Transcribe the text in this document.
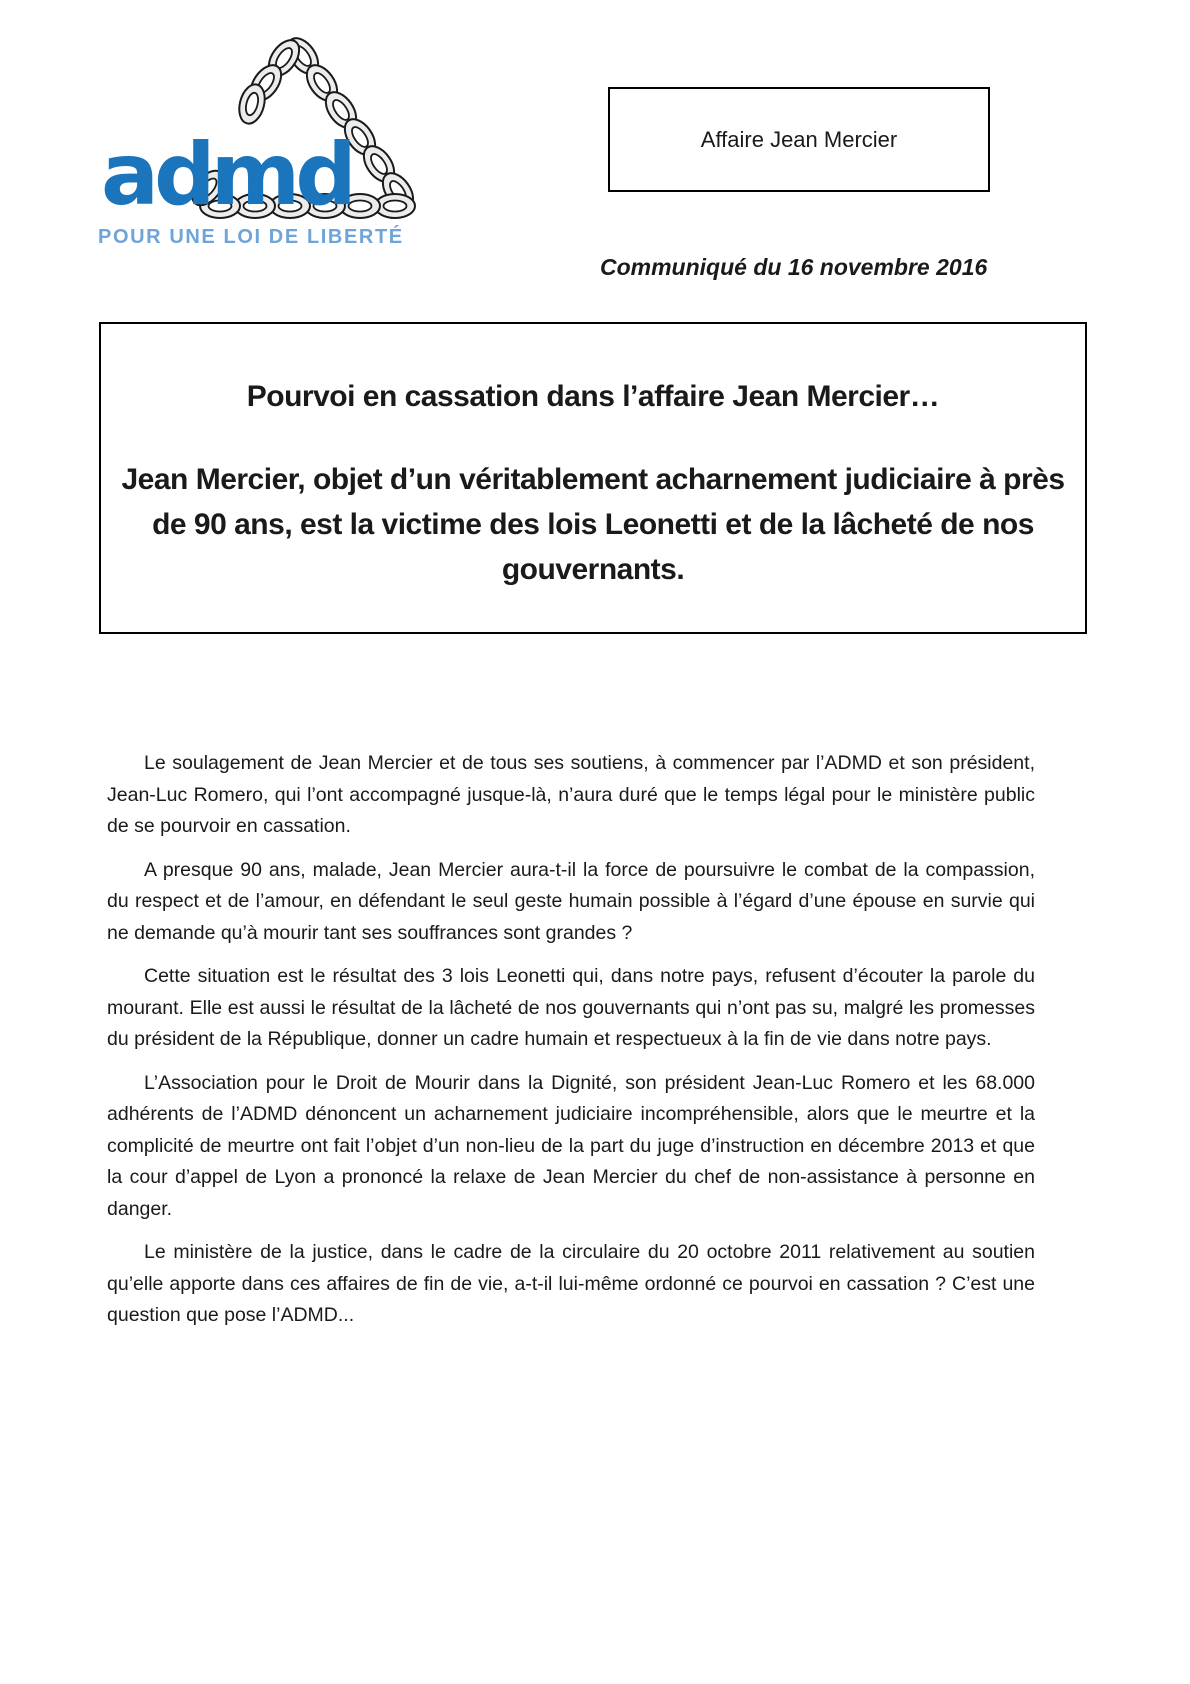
admd
POUR UNE LOI DE LIBERTÉ
Affaire Jean Mercier
Communiqué du 16 novembre 2016
Pourvoi en cassation dans l’affaire Jean Mercier…
Jean Mercier, objet d’un véritablement acharnement judiciaire à près de 90 ans, est la victime des lois Leonetti et de la lâcheté de nos gouvernants.

Le soulagement de Jean Mercier et de tous ses soutiens, à commencer par l’ADMD et son président, Jean-Luc Romero, qui l’ont accompagné jusque-là, n’aura duré que le temps légal pour le ministère public de se pourvoir en cassation.

A presque 90 ans, malade, Jean Mercier aura-t-il la force de poursuivre le combat de la compassion, du respect et de l’amour, en défendant le seul geste humain possible à l’égard d’une épouse en survie qui ne demande qu’à mourir tant ses souffrances sont grandes ?

Cette situation est le résultat des 3 lois Leonetti qui, dans notre pays, refusent d’écouter la parole du mourant. Elle est aussi le résultat de la lâcheté de nos gouvernants qui n’ont pas su, malgré les promesses du président de la République, donner un cadre humain et respectueux à la fin de vie dans notre pays.

L’Association pour le Droit de Mourir dans la Dignité, son président Jean-Luc Romero et les 68.000 adhérents de l’ADMD dénoncent un acharnement judiciaire incompréhensible, alors que le meurtre et la complicité de meurtre ont fait l’objet d’un non-lieu de la part du juge d’instruction en décembre 2013 et que la cour d’appel de Lyon a prononcé la relaxe de Jean Mercier du chef de non-assistance à personne en danger.

Le ministère de la justice, dans le cadre de la circulaire du 20 octobre 2011 relativement au soutien qu’elle apporte dans ces affaires de fin de vie, a-t-il lui-même ordonné ce pourvoi en cassation ? C’est une question que pose l’ADMD...
